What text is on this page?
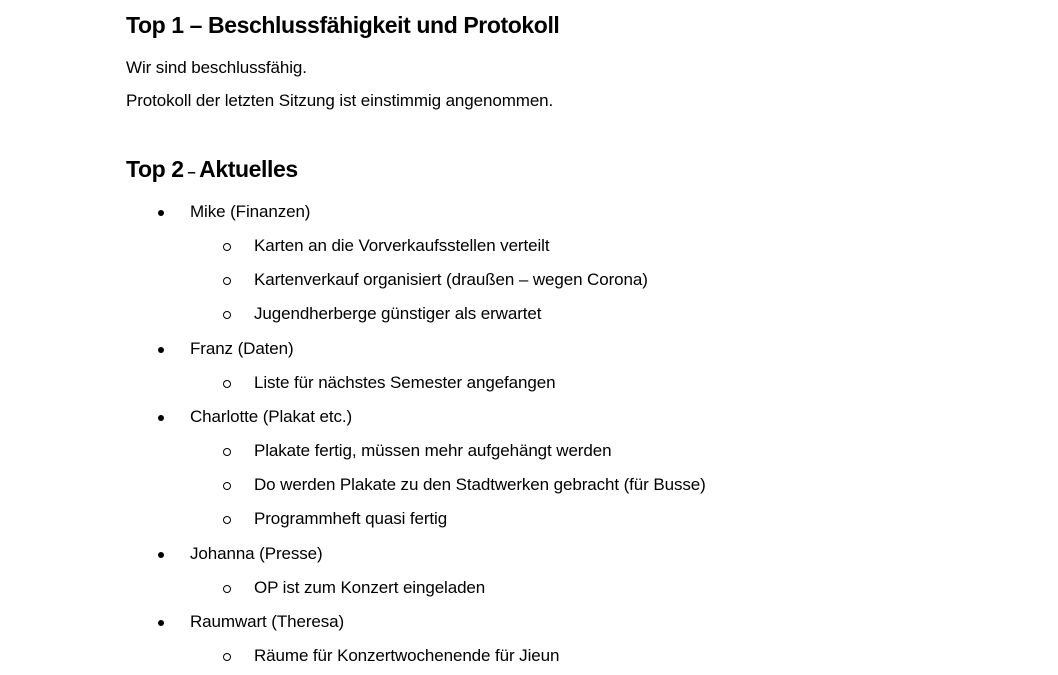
Top 1 – Beschlussfähigkeit und Protokoll

Wir sind beschlussfähig.

Protokoll der letzten Sitzung ist einstimmig angenommen.

Top 2 – Aktuelles
Mike (Finanzen)
Karten an die Vorverkaufsstellen verteilt
Kartenverkauf organisiert (draußen – wegen Corona)
Jugendherberge günstiger als erwartet
Franz (Daten)
Liste für nächstes Semester angefangen
Charlotte (Plakat etc.)
Plakate fertig, müssen mehr aufgehängt werden
Do werden Plakate zu den Stadtwerken gebracht (für Busse)
Programmheft quasi fertig
Johanna (Presse)
OP ist zum Konzert eingeladen
Raumwart (Theresa)
Räume für Konzertwochenende für Jieun
